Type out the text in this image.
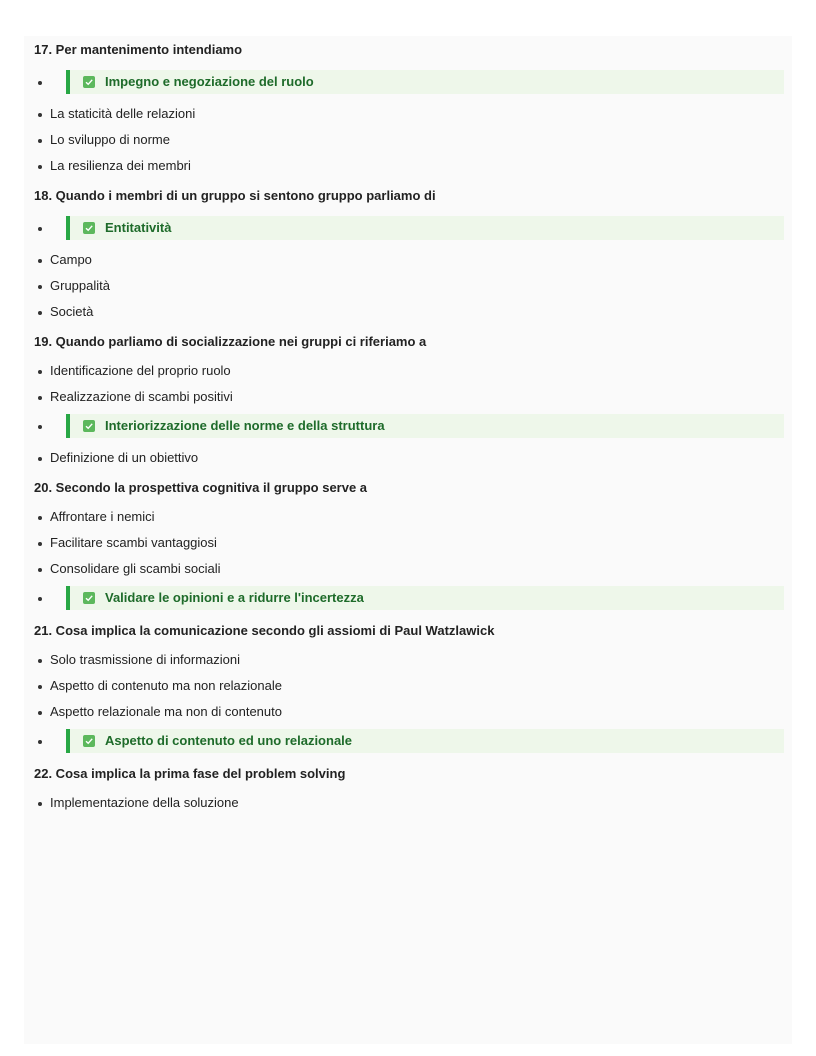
17. Per mantenimento intendiamo
Impegno e negoziazione del ruolo
La staticità delle relazioni
Lo sviluppo di norme
La resilienza dei membri
18. Quando i membri di un gruppo si sentono gruppo parliamo di
Entitatività
Campo
Gruppalità
Società
19. Quando parliamo di socializzazione nei gruppi ci riferiamo a
Identificazione del proprio ruolo
Realizzazione di scambi positivi
Interiorizzazione delle norme e della struttura
Definizione di un obiettivo
20. Secondo la prospettiva cognitiva il gruppo serve a
Affrontare i nemici
Facilitare scambi vantaggiosi
Consolidare gli scambi sociali
Validare le opinioni e a ridurre l'incertezza
21. Cosa implica la comunicazione secondo gli assiomi di Paul Watzlawick
Solo trasmissione di informazioni
Aspetto di contenuto ma non relazionale
Aspetto relazionale ma non di contenuto
Aspetto di contenuto ed uno relazionale
22. Cosa implica la prima fase del problem solving
Implementazione della soluzione
